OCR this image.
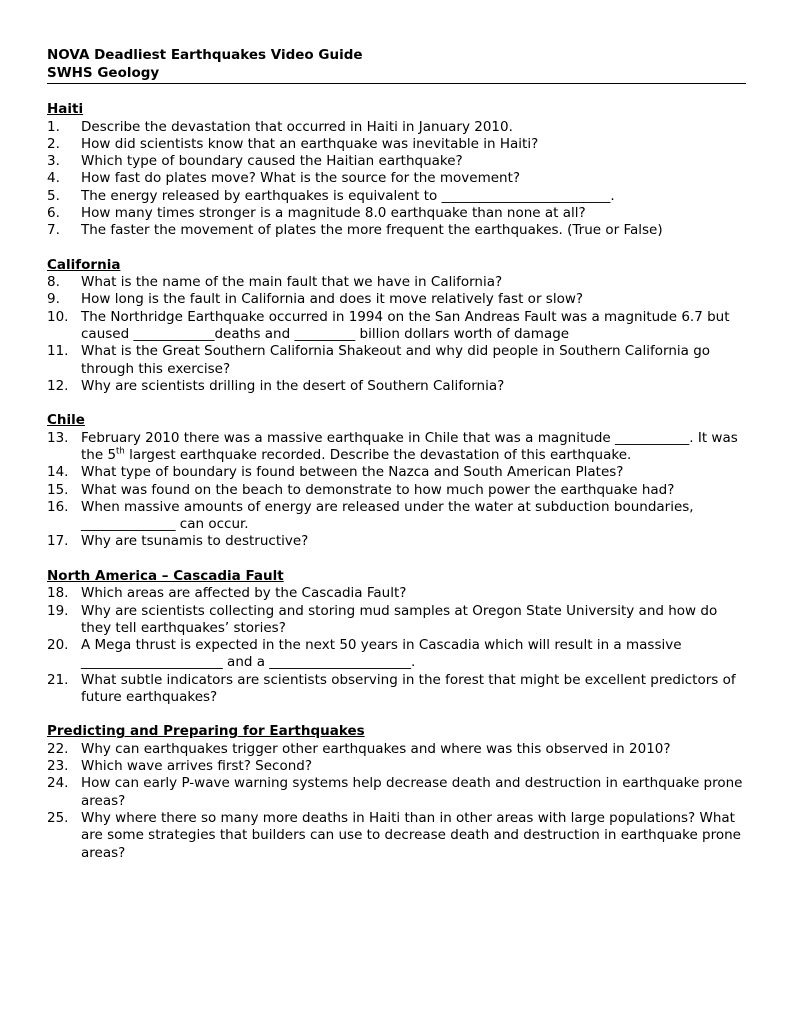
NOVA Deadliest Earthquakes Video Guide
SWHS Geology
Haiti
1.	Describe the devastation that occurred in Haiti in January 2010.
2.	How did scientists know that an earthquake was inevitable in Haiti?
3.	Which type of boundary caused the Haitian earthquake?
4.	How fast do plates move? What is the source for the movement?
5.	The energy released by earthquakes is equivalent to _________________________.
6.	How many times stronger is a magnitude 8.0 earthquake than none at all?
7.	The faster the movement of plates the more frequent the earthquakes. (True or False)
California
8.	What is the name of the main fault that we have in California?
9.	How long is the fault in California and does it move relatively fast or slow?
10. The Northridge Earthquake occurred in 1994 on the San Andreas Fault was a magnitude 6.7 but caused ____________deaths and _________ billion dollars worth of damage
11. What is the Great Southern California Shakeout and why did people in Southern California go through this exercise?
12. Why are scientists drilling in the desert of Southern California?
Chile
13. February 2010 there was a massive earthquake in Chile that was a magnitude ___________. It was the 5th largest earthquake recorded. Describe the devastation of this earthquake.
14. What type of boundary is found between the Nazca and South American Plates?
15. What was found on the beach to demonstrate to how much power the earthquake had?
16. When massive amounts of energy are released under the water at subduction boundaries, ______________ can occur.
17. Why are tsunamis to destructive?
North America – Cascadia Fault
18. Which areas are affected by the Cascadia Fault?
19. Why are scientists collecting and storing mud samples at Oregon State University and how do they tell earthquakes’ stories?
20. A Mega thrust is expected in the next 50 years in Cascadia which will result in a massive _____________________ and a _____________________.
21. What subtle indicators are scientists observing in the forest that might be excellent predictors of future earthquakes?
Predicting and Preparing for Earthquakes
22. Why can earthquakes trigger other earthquakes and where was this observed in 2010?
23. Which wave arrives first? Second?
24. How can early P-wave warning systems help decrease death and destruction in earthquake prone areas?
25. Why where there so many more deaths in Haiti than in other areas with large populations? What are some strategies that builders can use to decrease death and destruction in earthquake prone areas?
